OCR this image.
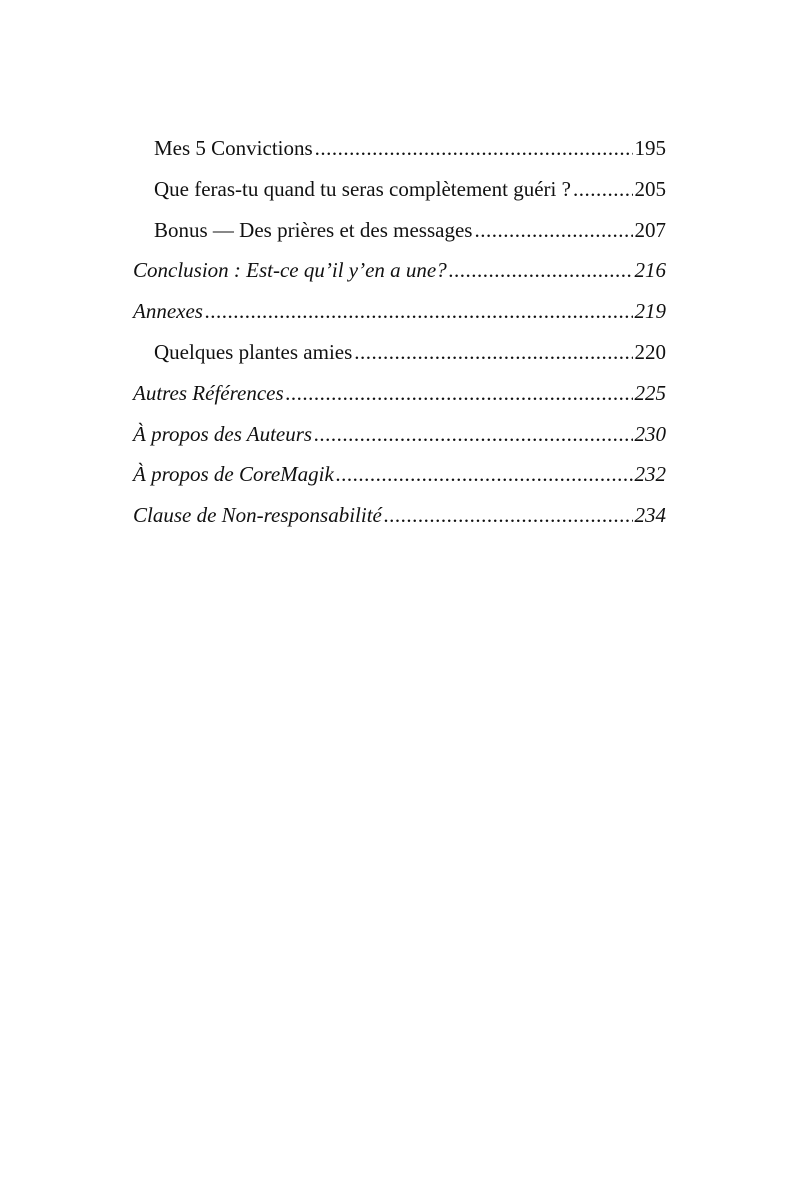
Mes 5 Convictions .....	195
Que feras-tu quand tu seras complètement guéri ? .....	205
Bonus — Des prières et des messages .....	207
Conclusion : Est-ce qu’il y’en a une? .....	216
Annexes .....	219
Quelques plantes amies .....	220
Autres Références .....	225
À propos des Auteurs .....	230
À propos de CoreMagik .....	232
Clause de Non-responsabilité .....	234
